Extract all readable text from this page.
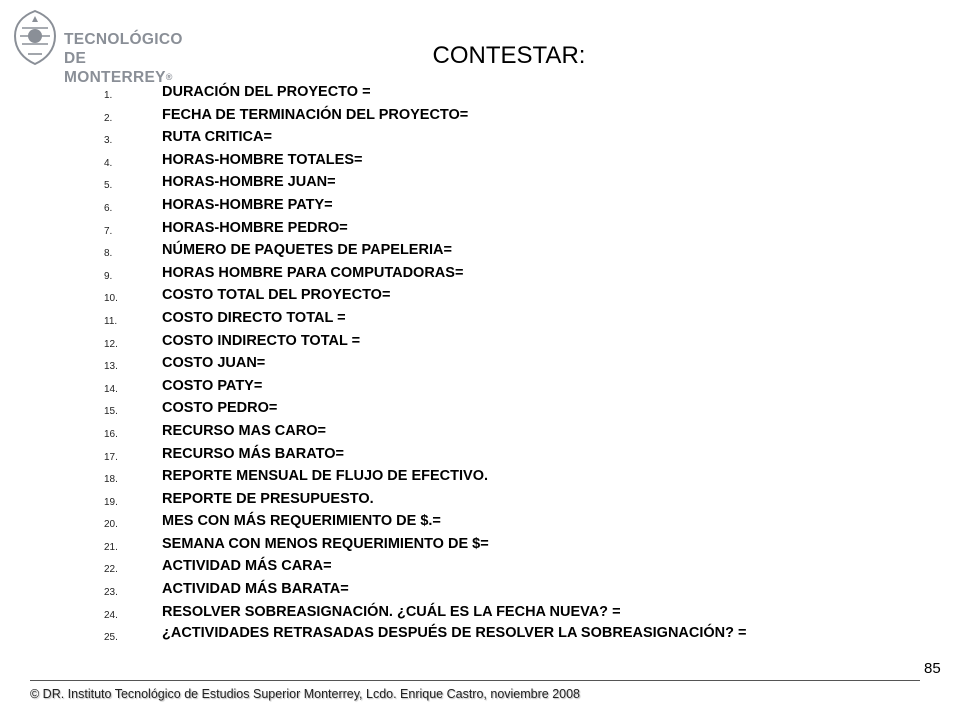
TECNOLÓGICO
DE MONTERREY®
CONTESTAR:
1.	DURACIÓN DEL PROYECTO =
2.	FECHA DE TERMINACIÓN DEL PROYECTO=
3.	RUTA CRITICA=
4.	HORAS-HOMBRE TOTALES=
5.	HORAS-HOMBRE JUAN=
6.	HORAS-HOMBRE PATY=
7.	HORAS-HOMBRE PEDRO=
8.	NÚMERO DE PAQUETES DE PAPELERIA=
9.	HORAS HOMBRE PARA COMPUTADORAS=
10.	COSTO TOTAL DEL PROYECTO=
11.	COSTO DIRECTO TOTAL =
12.	COSTO INDIRECTO TOTAL =
13.	COSTO JUAN=
14.	COSTO PATY=
15.	COSTO PEDRO=
16.	RECURSO MAS CARO=
17.	RECURSO MÁS BARATO=
18.	REPORTE MENSUAL DE FLUJO DE EFECTIVO.
19.	REPORTE DE PRESUPUESTO.
20.	MES CON MÁS REQUERIMIENTO DE $.=
21.	SEMANA CON MENOS REQUERIMIENTO DE $=
22.	ACTIVIDAD MÁS CARA=
23.	ACTIVIDAD MÁS BARATA=
24.	RESOLVER SOBREASIGNACIÓN. ¿CUÁL ES LA FECHA NUEVA? =
25.	¿ACTIVIDADES RETRASADAS DESPUÉS DE RESOLVER LA SOBREASIGNACIÓN? =
85
© DR. Instituto Tecnológico de Estudios Superior Monterrey, Lcdo. Enrique Castro, noviembre 2008
